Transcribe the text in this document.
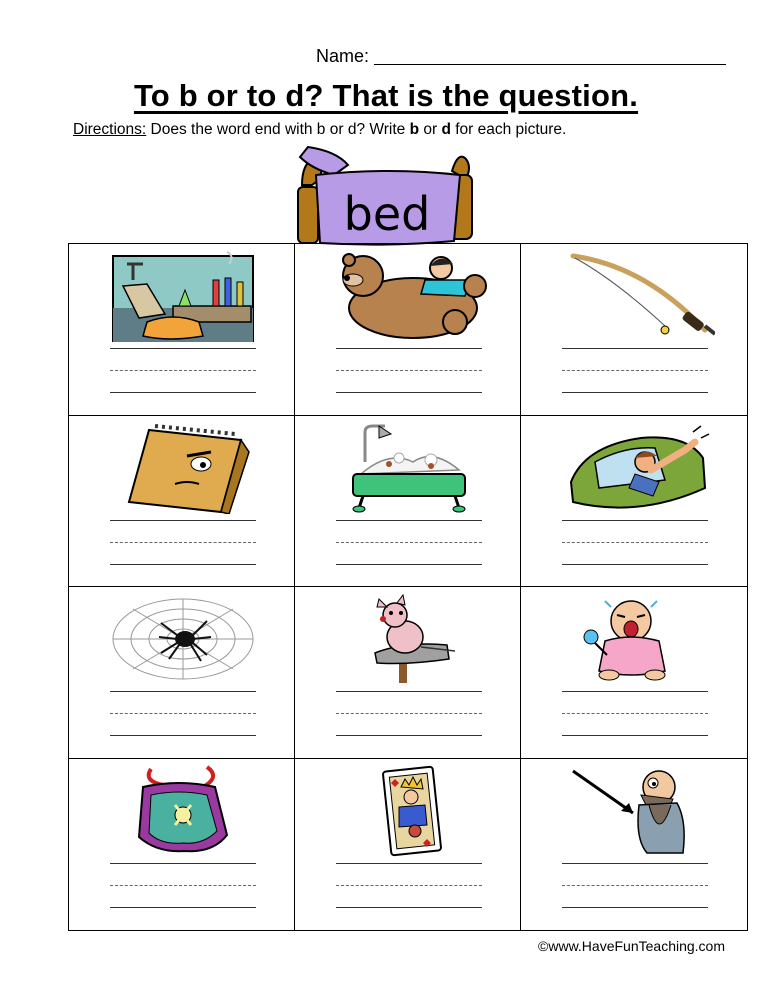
Name:
To b or to d? That is the question.
Directions: Does the word end with b or d? Write b or d for each picture.
bed
©www.HaveFunTeaching.com
